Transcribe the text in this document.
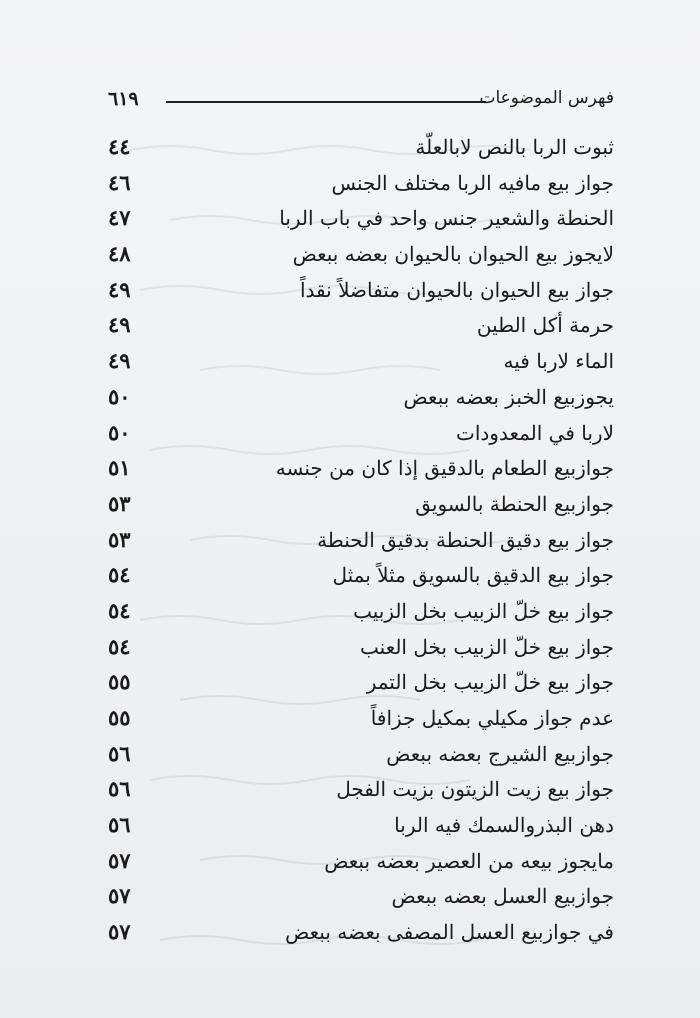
٦١٩	فهرس الموضوعات
ثبوت الربا بالنص لابالعلّة
٤٤
جواز بيع مافيه الربا مختلف الجنس
٤٦
الحنطة والشعير جنس واحد في باب الربا
٤٧
لايجوز بيع الحيوان بالحيوان بعضه ببعض
٤٨
جواز بيع الحيوان بالحيوان متفاضلاً نقداً
٤٩
حرمة أكل الطين
٤٩
الماء لاربا فيه
٤٩
يجوزبيع الخبز بعضه ببعض
٥٠
لاربا في المعدودات
٥٠
جوازبيع الطعام بالدقيق إذا كان من جنسه
٥١
جوازبيع الحنطة بالسويق
٥٣
جواز بيع دقيق الحنطة بدقيق الحنطة
٥٣
جواز بيع الدقيق بالسويق مثلاً بمثل
٥٤
جواز بيع خلّ الزبيب بخل الزبيب
٥٤
جواز بيع خلّ الزبيب بخل العنب
٥٤
جواز بيع خلّ الزبيب بخل التمر
٥٥
عدم جواز مكيلي بمكيل جزافاً
٥٥
جوازبيع الشيرج بعضه ببعض
٥٦
جواز بيع زيت الزيتون بزيت الفجل
٥٦
دهن البذروالسمك فيه الربا
٥٦
مايجوز بيعه من العصير بعضه ببعض
٥٧
جوازبيع العسل بعضه ببعض
٥٧
في جوازبيع العسل المصفى بعضه ببعض
٥٧
